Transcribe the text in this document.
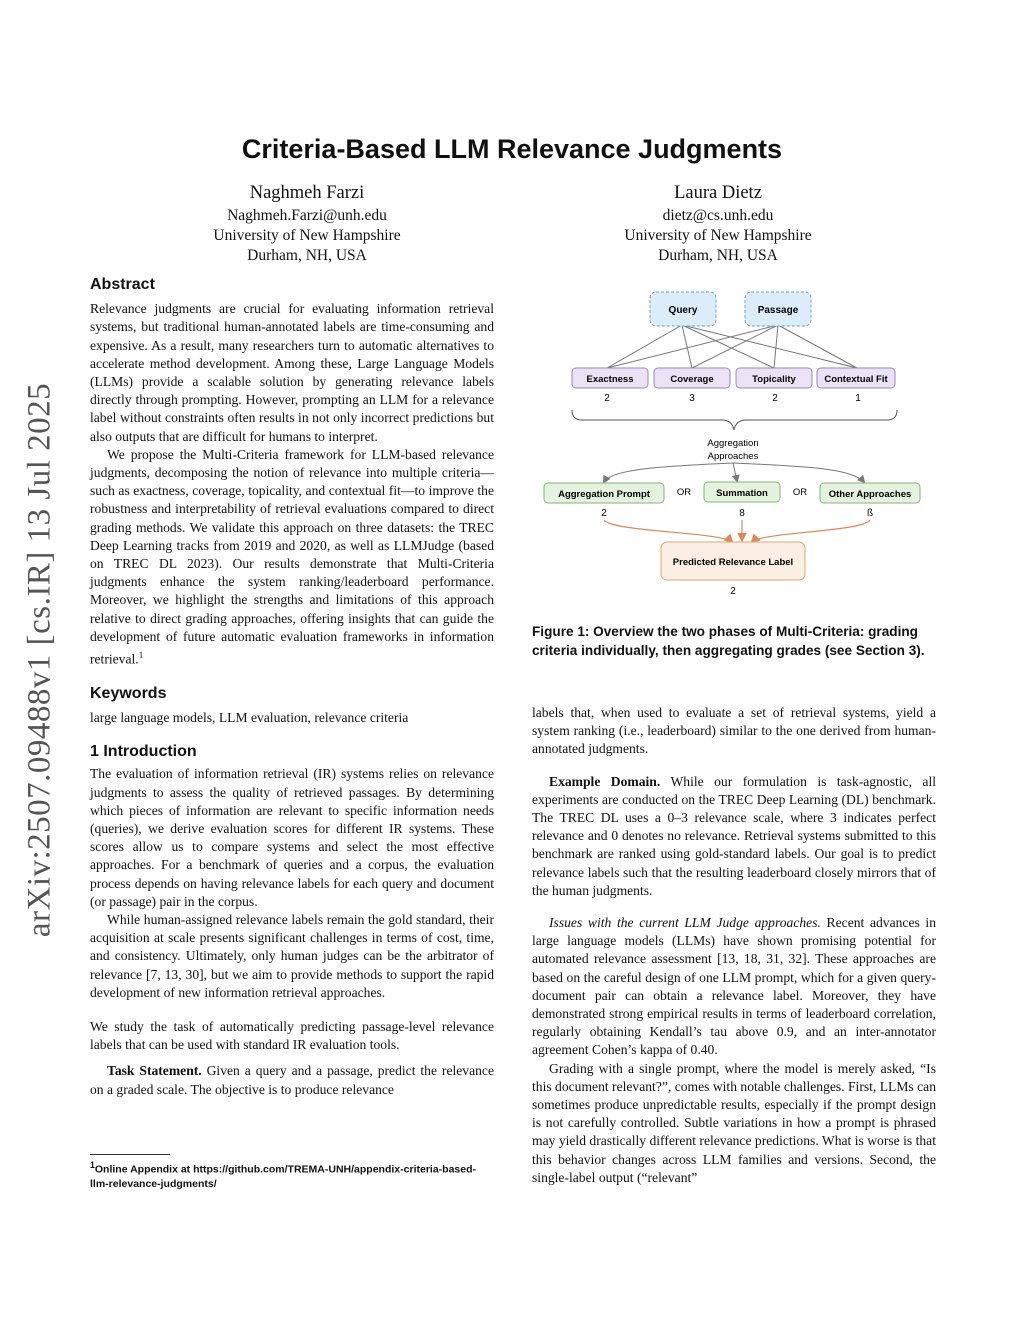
arXiv:2507.09488v1 [cs.IR] 13 Jul 2025
Criteria-Based LLM Relevance Judgments
Naghmeh Farzi
Naghmeh.Farzi@unh.edu
University of New Hampshire
Durham, NH, USA
Laura Dietz
dietz@cs.unh.edu
University of New Hampshire
Durham, NH, USA
Abstract

Relevance judgments are crucial for evaluating information retrieval systems, but traditional human-annotated labels are time-consuming and expensive. As a result, many researchers turn to automatic alternatives to accelerate method development. Among these, Large Language Models (LLMs) provide a scalable solution by generating relevance labels directly through prompting. However, prompting an LLM for a relevance label without constraints often results in not only incorrect predictions but also outputs that are difficult for humans to interpret.

We propose the Multi-Criteria framework for LLM-based relevance judgments, decomposing the notion of relevance into multiple criteria—such as exactness, coverage, topicality, and contextual fit—to improve the robustness and interpretability of retrieval evaluations compared to direct grading methods. We validate this approach on three datasets: the TREC Deep Learning tracks from 2019 and 2020, as well as LLMJudge (based on TREC DL 2023). Our results demonstrate that Multi-Criteria judgments enhance the system ranking/leaderboard performance. Moreover, we highlight the strengths and limitations of this approach relative to direct grading approaches, offering insights that can guide the development of future automatic evaluation frameworks in information retrieval.$^1$

Keywords

large language models, LLM evaluation, relevance criteria

1 Introduction

The evaluation of information retrieval (IR) systems relies on relevance judgments to assess the quality of retrieved passages. By determining which pieces of information are relevant to specific information needs (queries), we derive evaluation scores for different IR systems. These scores allow us to compare systems and select the most effective approaches. For a benchmark of queries and a corpus, the evaluation process depends on having relevance labels for each query and document (or passage) pair in the corpus.

While human-assigned relevance labels remain the gold standard, their acquisition at scale presents significant challenges in terms of cost, time, and consistency. Ultimately, only human judges can be the arbitrator of relevance [7, 13, 30], but we aim to provide methods to support the rapid development of new information retrieval approaches.

We study the task of automatically predicting passage-level relevance labels that can be used with standard IR evaluation tools.

Task Statement. Given a query and a passage, predict the relevance on a graded scale. The objective is to produce relevance

$^1$Online Appendix at https://github.com/TREMA-UNH/appendix-criteria-based-llm-relevance-judgments/
Query	Passage
Exactness	Coverage	Topicality	Contextual Fit
2	3	2	1
Aggregation
Approaches
Aggregation Prompt	OR	Summation	OR Other Approaches
2	8	ß
Predicted Relevance Label
2
Figure 1: Overview the two phases of Multi-Criteria: grading criteria individually, then aggregating grades (see Section 3).

labels that, when used to evaluate a set of retrieval systems, yield a system ranking (i.e., leaderboard) similar to the one derived from human-annotated judgments.

Example Domain. While our formulation is task-agnostic, all experiments are conducted on the TREC Deep Learning (DL) benchmark. The TREC DL uses a 0–3 relevance scale, where 3 indicates perfect relevance and 0 denotes no relevance. Retrieval systems submitted to this benchmark are ranked using gold-standard labels. Our goal is to predict relevance labels such that the resulting leaderboard closely mirrors that of the human judgments.

Issues with the current LLM Judge approaches. Recent advances in large language models (LLMs) have shown promising potential for automated relevance assessment [13, 18, 31, 32]. These approaches are based on the careful design of one LLM prompt, which for a given query-document pair can obtain a relevance label. Moreover, they have demonstrated strong empirical results in terms of leaderboard correlation, regularly obtaining Kendall’s tau above 0.9, and an inter-annotator agreement Cohen’s kappa of 0.40.

Grading with a single prompt, where the model is merely asked, “Is this document relevant?”, comes with notable challenges. First, LLMs can sometimes produce unpredictable results, especially if the prompt design is not carefully controlled. Subtle variations in how a prompt is phrased may yield drastically different relevance predictions. What is worse is that this behavior changes across LLM families and versions. Second, the single-label output (“relevant”
